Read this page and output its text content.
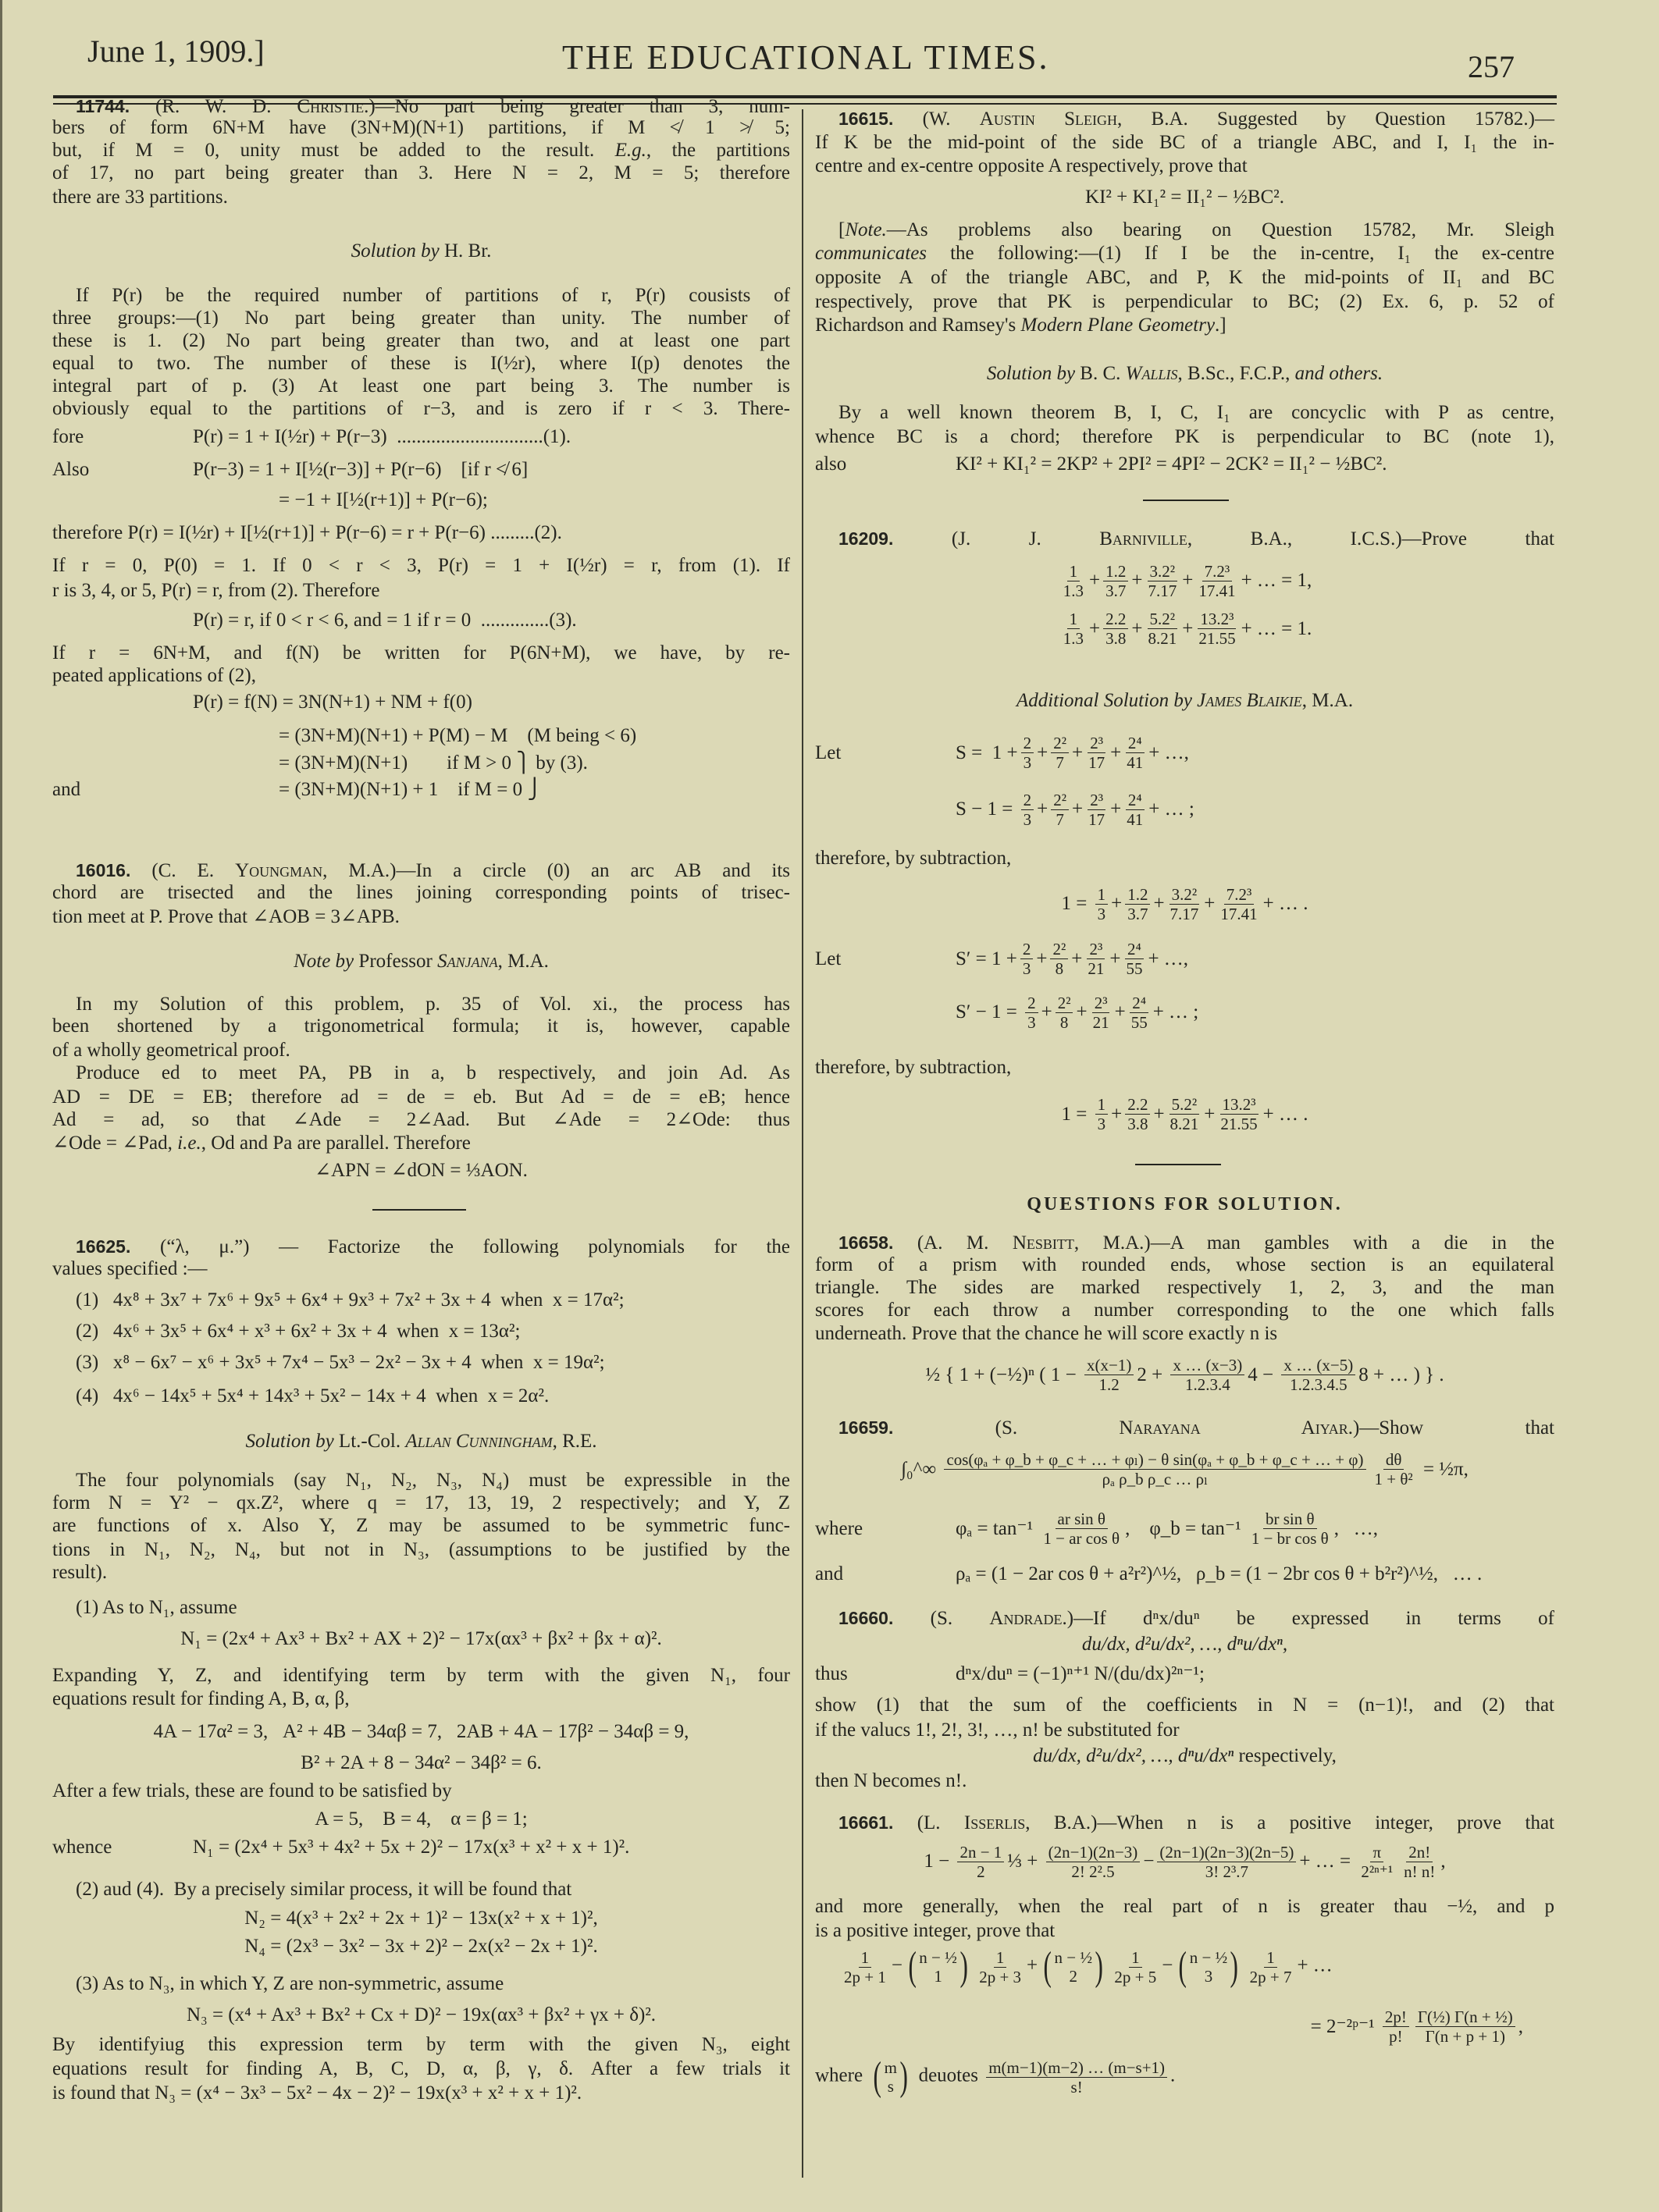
June 1, 1909.]	THE EDUCATIONAL TIMES.	257
11744. (R. W. D. Christie.)—No part being greater than 3, num-
bers of form 6N+M have (3N+M)(N+1) partitions, if M ≮ 1 ≯ 5;
but, if M = 0, unity must be added to the result. E.g., the partitions
of 17, no part being greater than 3. Here N = 2, M = 5; therefore
there are 33 partitions.
Solution by H. Br.
If P(r) be the required number of partitions of r, P(r) cousists of
three groups:—(1) No part being greater than unity. The number of
these is 1. (2) No part being greater than two, and at least one part
equal to two. The number of these is I(½r), where I(p) denotes the
integral part of p. (3) At least one part being 3. The number is
obviously equal to the partitions of r−3, and is zero if r < 3. There-
fore	P(r) = 1 + I(½r) + P(r−3)  ..............................(1).
Also	P(r−3) = 1 + I[½(r−3)] + P(r−6)    [if r ≮ 6]
= −1 + I[½(r+1)] + P(r−6);
therefore P(r) = I(½r) + I[½(r+1)] + P(r−6) = r + P(r−6) .........(2).
If r = 0, P(0) = 1. If 0 < r < 3, P(r) = 1 + I(½r) = r, from (1). If
r is 3, 4, or 5, P(r) = r, from (2). Therefore
P(r) = r, if 0 < r < 6, and = 1 if r = 0  ..............(3).
If r = 6N+M, and f(N) be written for P(6N+M), we have, by re-
peated applications of (2),
P(r) = f(N) = 3N(N+1) + NM + f(0)
= (3N+M)(N+1) + P(M) − M    (M being < 6)
= (3N+M)(N+1)        if M > 0 ⎫ by (3).
and	= (3N+M)(N+1) + 1    if M = 0 ⎭
16016. (C. E. Youngman, M.A.)—In a circle (0) an arc AB and its
chord are trisected and the lines joining corresponding points of trisec-
tion meet at P. Prove that ∠AOB = 3∠APB.
Note by Professor Sanjana , M.A.
In my Solution of this problem, p. 35 of Vol. xi., the process has
been shortened by a trigonometrical formula; it is, however, capable
of a wholly geometrical proof.
Produce ed to meet PA, PB in a, b respectively, and join Ad. As
AD = DE = EB; therefore ad = de = eb. But Ad = de = eB; hence
Ad = ad, so that ∠Ade = 2∠Aad. But ∠Ade = 2∠Ode: thus
∠Ode = ∠Pad, i.e., Od and Pa are parallel. Therefore
∠APN = ∠dON = ⅓AON.
16625. (“λ, μ.”) — Factorize the following polynomials for the
values specified :—
(1)   4x⁸ + 3x⁷ + 7x⁶ + 9x⁵ + 6x⁴ + 9x³ + 7x² + 3x + 4  when  x = 17α²;
(2)   4x⁶ + 3x⁵ + 6x⁴ + x³ + 6x² + 3x + 4  when  x = 13α²;
(3)   x⁸ − 6x⁷ − x⁶ + 3x⁵ + 7x⁴ − 5x³ − 2x² − 3x + 4  when  x = 19α²;
(4)   4x⁶ − 14x⁵ + 5x⁴ + 14x³ + 5x² − 14x + 4  when  x = 2α².
Solution by Lt.-Col. Allan Cunningham , R.E.
The four polynomials (say N₁, N₂, N₃, N₄) must be expressible in the
form N = Y² − qx.Z², where q = 17, 13, 19, 2 respectively; and Y, Z
are functions of x. Also Y, Z may be assumed to be symmetric func-
tions in N₁, N₂, N₄, but not in N₃, (assumptions to be justified by the
result).
(1) As to N₁, assume
N₁ = (2x⁴ + Ax³ + Bx² + AX + 2)² − 17x(αx³ + βx² + βx + α)².
Expanding Y, Z, and identifying term by term with the given N₁, four
equations result for finding A, B, α, β,
4A − 17α² = 3,   A² + 4B − 34αβ = 7,   2AB + 4A − 17β² − 34αβ = 9,
B² + 2A + 8 − 34α² − 34β² = 6.
After a few trials, these are found to be satisfied by
A = 5,    B = 4,    α = β = 1;
whence	N₁ = (2x⁴ + 5x³ + 4x² + 5x + 2)² − 17x(x³ + x² + x + 1)².
(2) aud (4).  By a precisely similar process, it will be found that
N₂ = 4(x³ + 2x² + 2x + 1)² − 13x(x² + x + 1)²,
N₄ = (2x³ − 3x² − 3x + 2)² − 2x(x² − 2x + 1)².
(3) As to N₃, in which Y, Z are non-symmetric, assume
N₃ = (x⁴ + Ax³ + Bx² + Cx + D)² − 19x(αx³ + βx² + γx + δ)².
By identifyiug this expression term by term with the given N₃, eight
equations result for finding A, B, C, D, α, β, γ, δ. After a few trials it
is found that N₃ = (x⁴ − 3x³ − 5x² − 4x − 2)² − 19x(x³ + x² + x + 1)².
16615. (W. Austin Sleigh, B.A. Suggested by Question 15782.)—
If K be the mid-point of the side BC of a triangle ABC, and I, I₁ the in-
centre and ex-centre opposite A respectively, prove that
KI² + KI₁² = II₁² − ½BC².
[Note.—As problems also bearing on Question 15782, Mr. Sleigh
communicates the following:—(1) If I be the in-centre, I₁ the ex-centre
opposite A of the triangle ABC, and P, K the mid-points of II₁ and BC
respectively, prove that PK is perpendicular to BC; (2) Ex. 6, p. 52 of
Richardson and Ramsey's Modern Plane Geometry.]
Solution by B. C. Wallis , B.Sc., F.C.P., and others.
By a well known theorem B, I, C, I₁ are concyclic with P as centre,
whence BC is a chord; therefore PK is perpendicular to BC (note 1),
also	KI² + KI₁² = 2KP² + 2PI² = 4PI² − 2CK² = II₁² − ½BC².
16209. (J. J. Barniville, B.A., I.C.S.)—Prove that
$\frac{1}{1.3} + \frac{1.2}{3.7} + \frac{\text{3.2²}}{7.17} + \frac{\text{7.2³}}{17.41}$ + … = 1,
$\frac{1}{1.3} + \frac{2.2}{3.8} + \frac{\text{5.2²}}{8.21} + \frac{\text{13.2³}}{21.55}$ + … = 1.
Additional Solution by James Blaikie , M.A.
Let	$S = 1 + \frac{2}{3} + \frac{\text{2²}}{7} + \frac{\text{2³}}{17} + \frac{\text{2⁴}}{41}$ + …,
$S - 1 = \frac{2}{3} + \frac{\text{2²}}{7} + \frac{\text{2³}}{17} + \frac{\text{2⁴}}{41}$ + … ;
therefore, by subtraction,
$1 = \frac{1}{3} + \frac{1.2}{3.7} + \frac{\text{3.2²}}{7.17} + \frac{\text{7.2³}}{17.41}$ + … .
Let	$S' = 1 + \frac{2}{3} + \frac{\text{2²}}{8} + \frac{\text{2³}}{21} + \frac{\text{2⁴}}{55}$ + …,
$S' - 1 = \frac{2}{3} + \frac{\text{2²}}{8} + \frac{\text{2³}}{21} + \frac{\text{2⁴}}{55}$ + … ;
therefore, by subtraction,
$1 = \frac{1}{3} + \frac{2.2}{3.8} + \frac{\text{5.2²}}{8.21} + \frac{\text{13.2³}}{21.55}$ + … .
QUESTIONS FOR SOLUTION.
16658. (A. M. Nesbitt, M.A.)—A man gambles with a die in the
form of a prism with rounded ends, whose section is an equilateral
triangle. The sides are marked respectively 1, 2, 3, and the man
scores for each throw a number corresponding to the one which falls
underneath. Prove that the chance he will score exactly n is
½ { 1 + (−½)ⁿ ( $1 - \frac{x(x-1)}{1.2} 2 + \frac{x \dots (x-3)}{1.2.3.4} 4 - \frac{x \dots (x-5)}{1.2.3.4.5} 8$ + … ) } .
16659. (S. Narayana Aiyar.)—Show that
∫₀^∞ $\frac{\text{cos(φₐ + φ\_b + φ\_c + … + φₗ) − θ sin(φₐ + φ\_b + φ\_c + … + φ)}}{\text{ρₐ ρ\_b ρ\_c … ρₗ}} \frac{d\theta}{\text{1 + θ²}}$ = ½π,
where	$\varphi_a = \tan^{-1} \frac{\text{ar sin θ}}{\text{1 − ar cos θ}}$ ,    φ_b = $\tan^{-1} \frac{\text{br sin θ}}{\text{1 − br cos θ}}$ ,   …,
and	ρₐ = (1 − 2ar cos θ + a²r²)^½,   ρ_b = (1 − 2br cos θ + b²r²)^½,   … .
16660. (S. Andrade.)—If dⁿx/duⁿ be expressed in terms of
du/dx, d²u/dx², …, dⁿu/dxⁿ,
thus	dⁿx/duⁿ = (−1)ⁿ⁺¹ N/(du/dx)²ⁿ⁻¹;
show (1) that the sum of the coefficients in N = (n−1)!, and (2) that
if the valucs 1!, 2!, 3!, …, n! be substituted for
du/dx, d²u/dx², …, dⁿu/dxⁿ respectively,
then N becomes n!.
16661. (L. Isserlis, B.A.)—When n is a positive integer, prove that
$1 - \frac{2n - 1}{2}$ ⅓ + $\frac{(2n-1)(2n-3)}{\text{2! 2².5}} - \frac{(2n-1)(2n-3)(2n-5)}{\text{3! 2³.7}}$ + … = $\frac{\pi}{\text{2²ⁿ⁺¹}} \frac{2n!}{n! n!}$ ,
and more generally, when the real part of n is greater thau −½, and p
is a positive integer, prove that
$\frac{1}{2p + 1}$ − ( n − ½
1 ) $\frac{1}{2p + 3}$ + ( n − ½
2 ) $\frac{1}{2p + 5}$ − ( n − ½
3 ) $\frac{1}{2p + 7}$ + …
= 2⁻²ᵖ⁻¹ $\frac{2p!}{p!} \frac{\text{Γ(½) Γ(n + ½)}}{\Gamma(n + p + 1)}$ ,
where ( m
s ) deuotes $\frac{m(m-1)(m-2) \dots (m-s+1)}{s!}$ .
